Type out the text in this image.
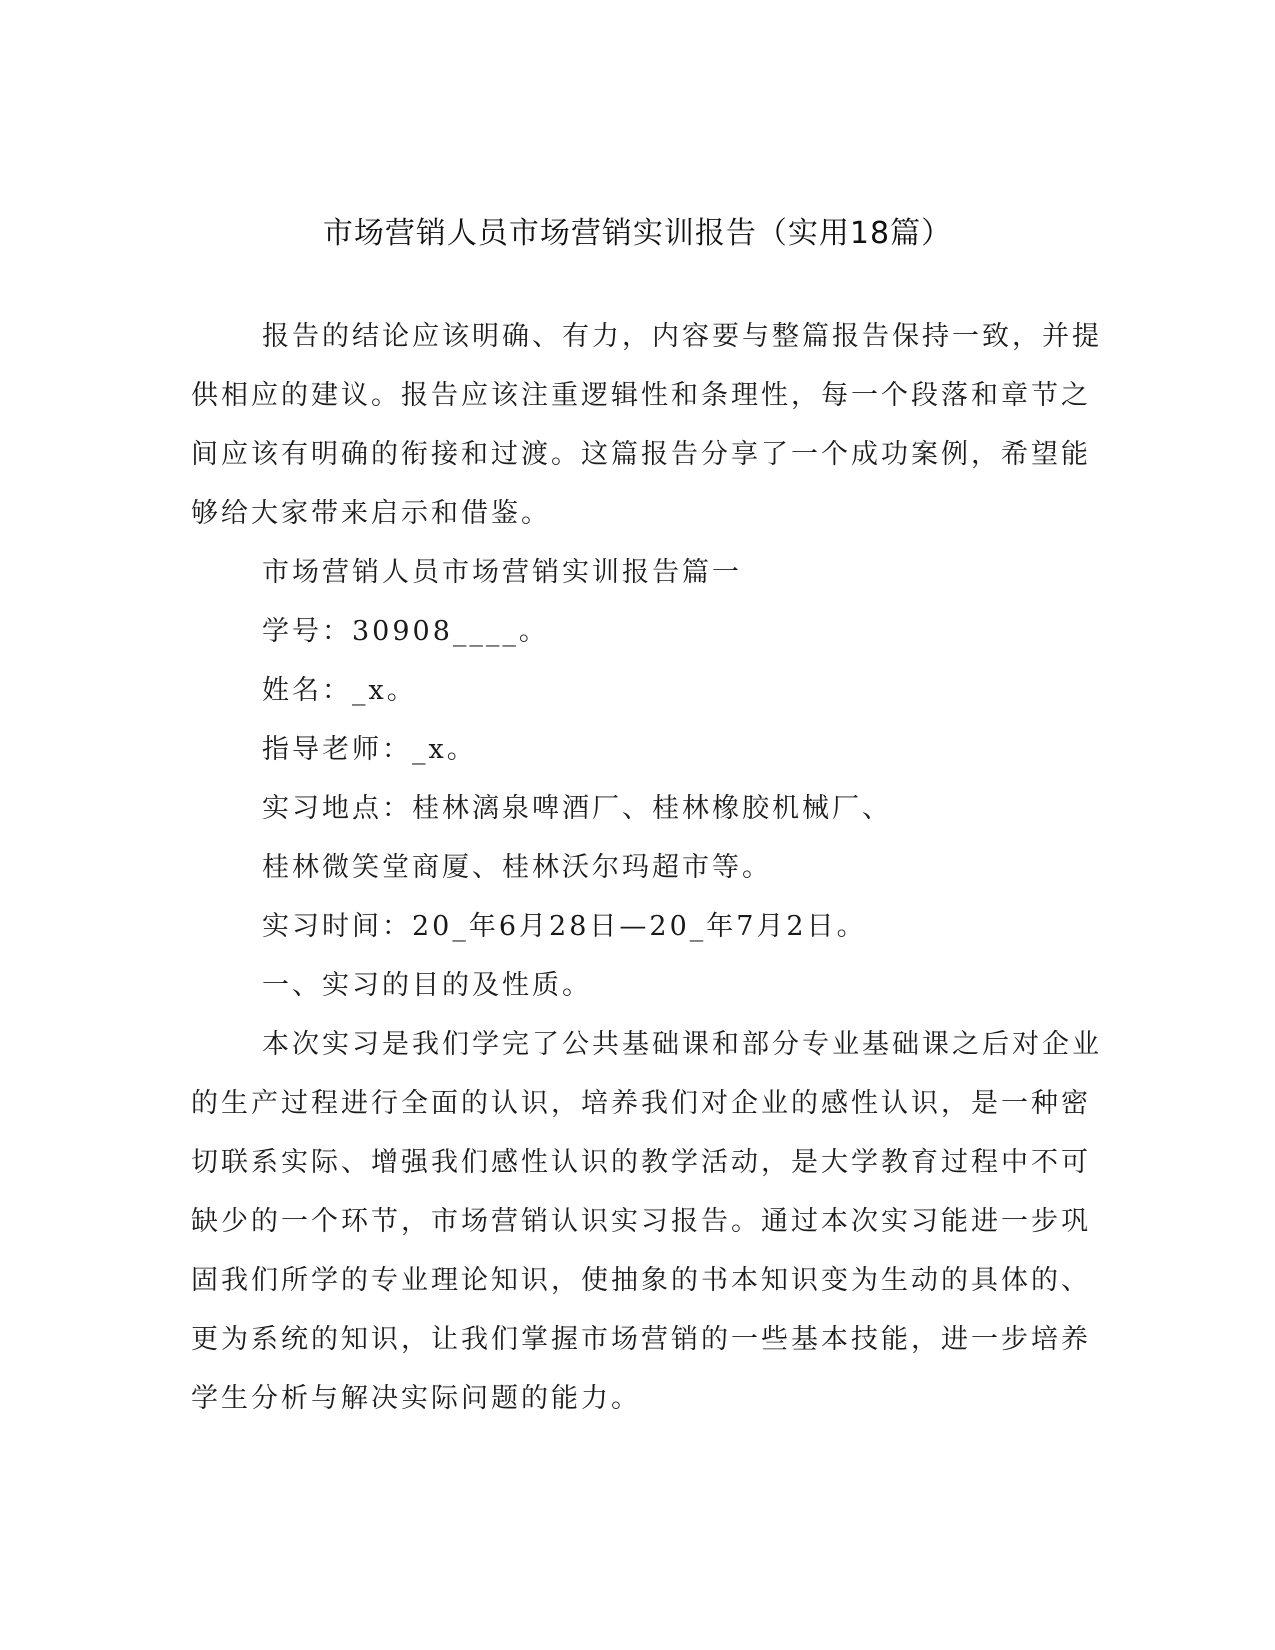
市场营销人员市场营销实训报告（实用18篇）
报告的结论应该明确、有力，内容要与整篇报告保持一致，并提
供相应的建议。报告应该注重逻辑性和条理性，每一个段落和章节之
间应该有明确的衔接和过渡。这篇报告分享了一个成功案例，希望能
够给大家带来启示和借鉴。
市场营销人员市场营销实训报告篇一
学号：30908____。
姓名：_x。
指导老师：_x。
实习地点：桂林漓泉啤酒厂、桂林橡胶机械厂、
桂林微笑堂商厦、桂林沃尔玛超市等。
实习时间：20_年6月28日—20_年7月2日。
一、实习的目的及性质。
本次实习是我们学完了公共基础课和部分专业基础课之后对企业
的生产过程进行全面的认识，培养我们对企业的感性认识，是一种密
切联系实际、增强我们感性认识的教学活动，是大学教育过程中不可
缺少的一个环节，市场营销认识实习报告。通过本次实习能进一步巩
固我们所学的专业理论知识，使抽象的书本知识变为生动的具体的、
更为系统的知识，让我们掌握市场营销的一些基本技能，进一步培养
学生分析与解决实际问题的能力。
